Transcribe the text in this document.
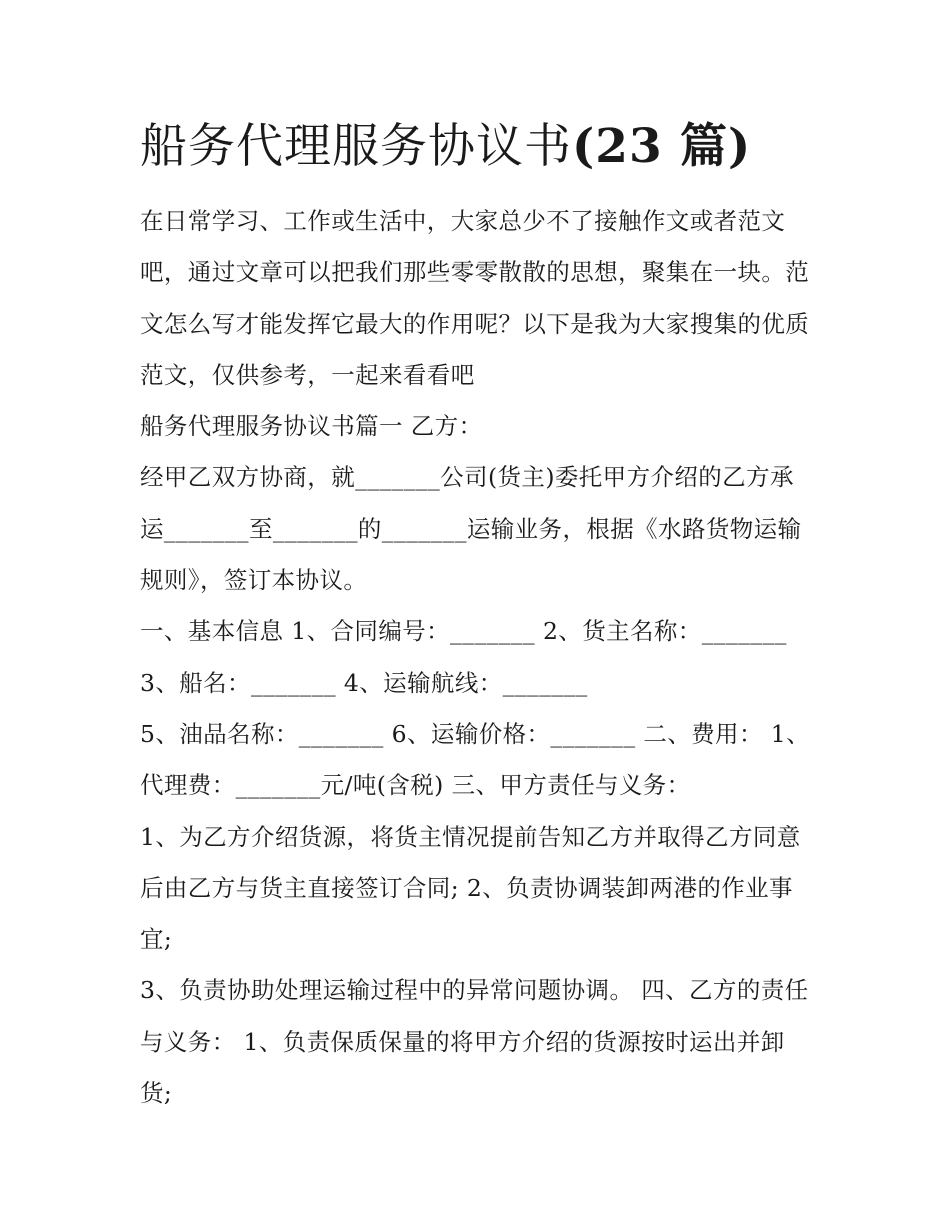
船务代理服务协议书(23 篇)

在日常学习、工作或生活中，大家总少不了接触作文或者范文吧，通过文章可以把我们那些零零散散的思想，聚集在一块。范文怎么写才能发挥它最大的作用呢？以下是我为大家搜集的优质范文，仅供参考，一起来看看吧

船务代理服务协议书篇一 乙方：

经甲乙双方协商，就_______公司(货主)委托甲方介绍的乙方承运_______至_______的_______运输业务，根据《水路货物运输规则》，签订本协议。

一、基本信息 1、合同编号：_______ 2、货主名称：_______

3、船名：_______ 4、运输航线：_______

5、油品名称：_______ 6、运输价格：_______ 二、费用： 1、代理费：_______元/吨(含税) 三、甲方责任与义务：

1、为乙方介绍货源，将货主情况提前告知乙方并取得乙方同意后由乙方与货主直接签订合同; 2、负责协调装卸两港的作业事宜;

3、负责协助处理运输过程中的异常问题协调。 四、乙方的责任与义务： 1、负责保质保量的将甲方介绍的货源按时运出并卸货;
